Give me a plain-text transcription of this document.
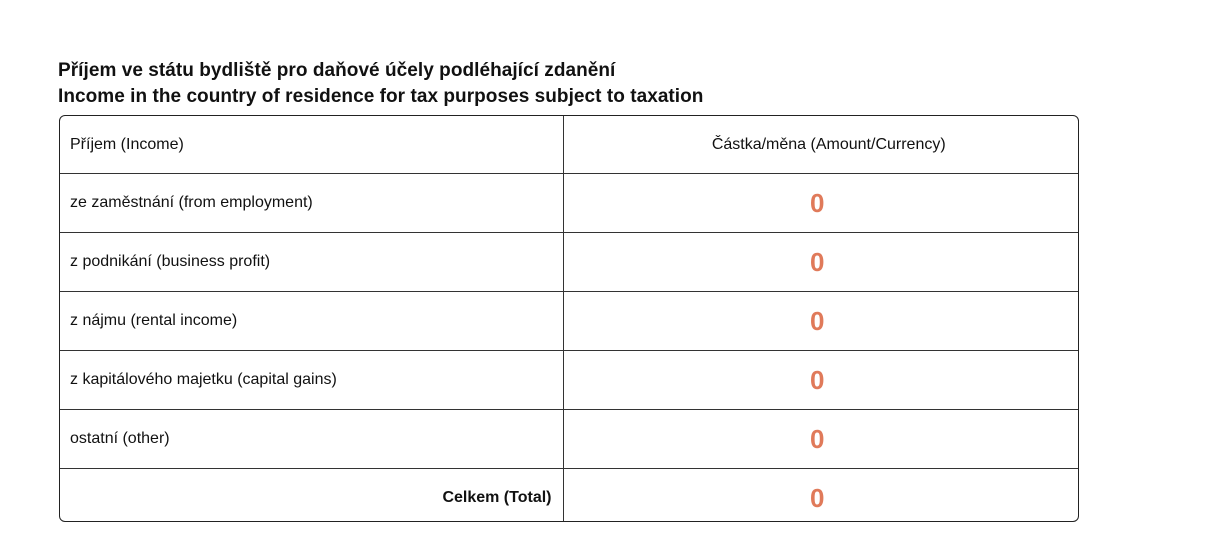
Příjem ve státu bydliště pro daňové účely podléhající zdanění
Income in the country of residence for tax purposes subject to taxation
Příjem (Income)	Částka/měna (Amount/Currency)
ze zaměstnání (from employment)	0
z podnikání (business profit)	0
z nájmu (rental income)	0
z kapitálového majetku (capital gains)	0
ostatní (other)	0
Celkem (Total)	0
